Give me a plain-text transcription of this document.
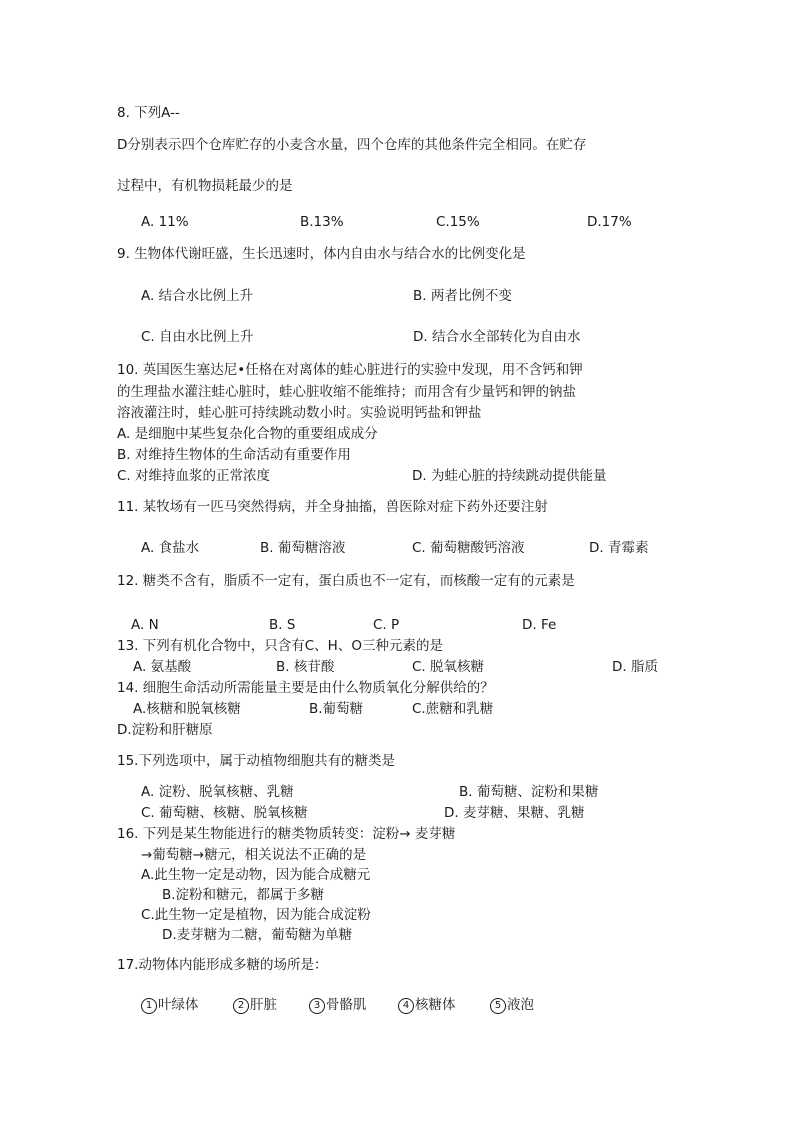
8. 下列A--
D分别表示四个仓库贮存的小麦含水量，四个仓库的其他条件完全相同。在贮存
过程中，有机物损耗最少的是
A. 11%	B.13%	C.15%	D.17%
9. 生物体代谢旺盛，生长迅速时，体内自由水与结合水的比例变化是
A. 结合水比例上升	B. 两者比例不变
C. 自由水比例上升	D. 结合水全部转化为自由水
10. 英国医生塞达尼•任格在对离体的蛙心脏进行的实验中发现，用不含钙和钾
的生理盐水灌注蛙心脏时，蛙心脏收缩不能维持；而用含有少量钙和钾的钠盐
溶液灌注时，蛙心脏可持续跳动数小时。实验说明钙盐和钾盐
A. 是细胞中某些复杂化合物的重要组成成分
B. 对维持生物体的生命活动有重要作用
C. 对维持血浆的正常浓度	D. 为蛙心脏的持续跳动提供能量
11. 某牧场有一匹马突然得病，并全身抽搐，兽医除对症下药外还要注射
A. 食盐水	B. 葡萄糖溶液	C. 葡萄糖酸钙溶液	D. 青霉素
12. 糖类不含有，脂质不一定有，蛋白质也不一定有，而核酸一定有的元素是
A. N	B. S	C. P	D. Fe
13. 下列有机化合物中，只含有C、H、O三种元素的是
A. 氨基酸	B. 核苷酸	C. 脱氧核糖	D. 脂质
14. 细胞生命活动所需能量主要是由什么物质氧化分解供给的？
A.核糖和脱氧核糖	B.葡萄糖	C.蔗糖和乳糖
D.淀粉和肝糖原
15.下列选项中，属于动植物细胞共有的糖类是
A. 淀粉、脱氧核糖、乳糖	B. 葡萄糖、淀粉和果糖
C. 葡萄糖、核糖、脱氧核糖	D. 麦芽糖、果糖、乳糖
16. 下列是某生物能进行的糖类物质转变：淀粉→ 麦芽糖
→葡萄糖→糖元，相关说法不正确的是
A.此生物一定是动物，因为能合成糖元
B.淀粉和糖元，都属于多糖
C.此生物一定是植物，因为能合成淀粉
D.麦芽糖为二糖，葡萄糖为单糖
17.动物体内能形成多糖的场所是：
1 叶绿体	2 肝脏	3 骨骼肌	4 核糖体	5 液泡
